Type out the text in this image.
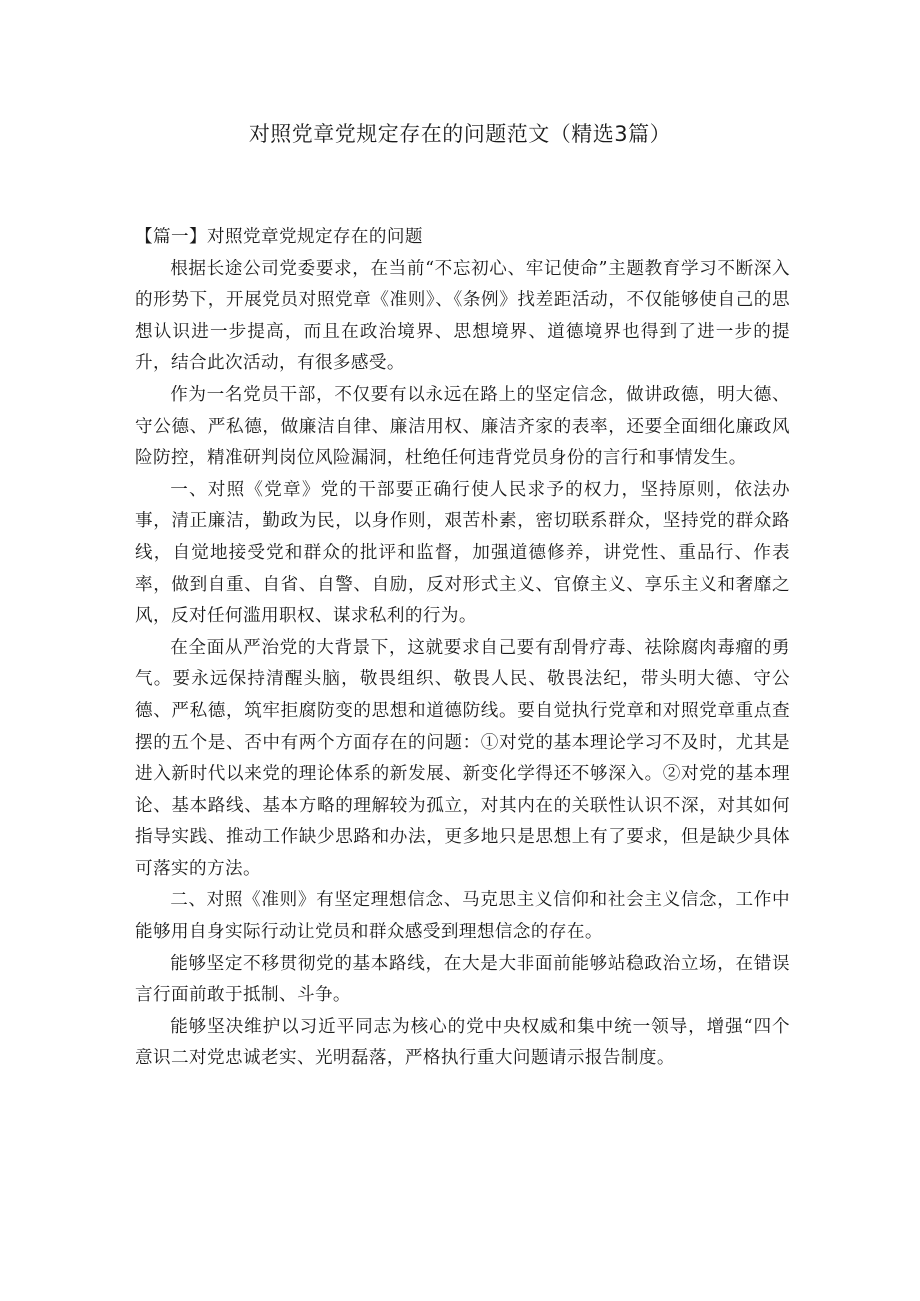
对照党章党规定存在的问题范文（精选3篇）

【篇一】对照党章党规定存在的问题

根据长途公司党委要求，在当前“不忘初心、牢记使命”主题教育学习不断深入的形势下，开展党员对照党章《准则》、《条例》找差距活动，不仅能够使自己的思想认识进一步提高，而且在政治境界、思想境界、道德境界也得到了进一步的提升，结合此次活动，有很多感受。

作为一名党员干部，不仅要有以永远在路上的坚定信念，做讲政德，明大德、守公德、严私德，做廉洁自律、廉洁用权、廉洁齐家的表率，还要全面细化廉政风险防控，精准研判岗位风险漏洞，杜绝任何违背党员身份的言行和事情发生。

一、对照《党章》党的干部要正确行使人民求予的权力，坚持原则，依法办事，清正廉洁，勤政为民，以身作则，艰苦朴素，密切联系群众，坚持党的群众路线，自觉地接受党和群众的批评和监督，加强道德修养，讲党性、重品行、作表率，做到自重、自省、自警、自励，反对形式主义、官僚主义、享乐主义和奢靡之风，反对任何滥用职权、谋求私利的行为。

在全面从严治党的大背景下，这就要求自己要有刮骨疗毒、祛除腐肉毒瘤的勇气。要永远保持清醒头脑，敬畏组织、敬畏人民、敬畏法纪，带头明大德、守公德、严私德，筑牢拒腐防变的思想和道德防线。要自觉执行党章和对照党章重点查摆的五个是、否中有两个方面存在的问题：①对党的基本理论学习不及时，尤其是进入新时代以来党的理论体系的新发展、新变化学得还不够深入。②对党的基本理论、基本路线、基本方略的理解较为孤立，对其内在的关联性认识不深，对其如何指导实践、推动工作缺少思路和办法，更多地只是思想上有了要求，但是缺少具体可落实的方法。

二、对照《准则》有坚定理想信念、马克思主义信仰和社会主义信念，工作中能够用自身实际行动让党员和群众感受到理想信念的存在。

能够坚定不移贯彻党的基本路线，在大是大非面前能够站稳政治立场，在错误言行面前敢于抵制、斗争。

能够坚决维护以习近平同志为核心的党中央权威和集中统一领导，增强“四个意识二对党忠诚老实、光明磊落，严格执行重大问题请示报告制度。
